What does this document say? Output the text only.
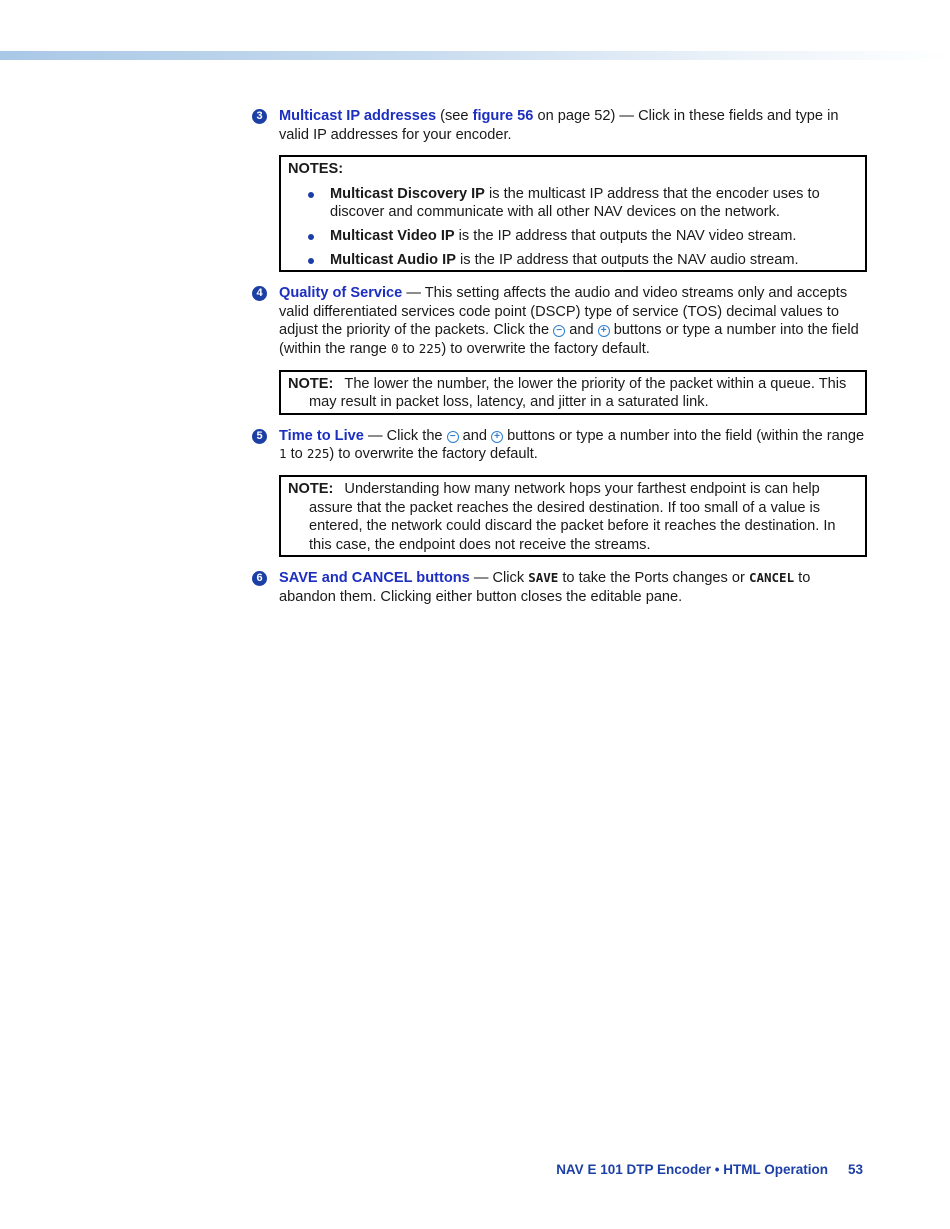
3	Multicast IP addresses (see figure 56 on page 52) — Click in these fields and type in valid IP addresses for your encoder.
NOTES:
Multicast Discovery IP is the multicast IP address that the encoder uses to discover and communicate with all other NAV devices on the network.
Multicast Video IP is the IP address that outputs the NAV video stream.
Multicast Audio IP is the IP address that outputs the NAV audio stream.
4	Quality of Service — This setting affects the audio and video streams only and accepts valid differentiated services code point (DSCP) type of service (TOS) decimal values to adjust the priority of the packets. Click the − and + buttons or type a number into the field (within the range 0 to 225) to overwrite the factory default.
NOTE: The lower the number, the lower the priority of the packet within a queue. This may result in packet loss, latency, and jitter in a saturated link.
5	Time to Live — Click the − and + buttons or type a number into the field (within the range 1 to 225) to overwrite the factory default.
NOTE: Understanding how many network hops your farthest endpoint is can help assure that the packet reaches the desired destination. If too small of a value is entered, the network could discard the packet before it reaches the destination. In this case, the endpoint does not receive the streams.
6	SAVE and CANCEL buttons — Click SAVE to take the Ports changes or CANCEL to abandon them. Clicking either button closes the editable pane.
NAV E 101 DTP Encoder • HTML Operation 53
